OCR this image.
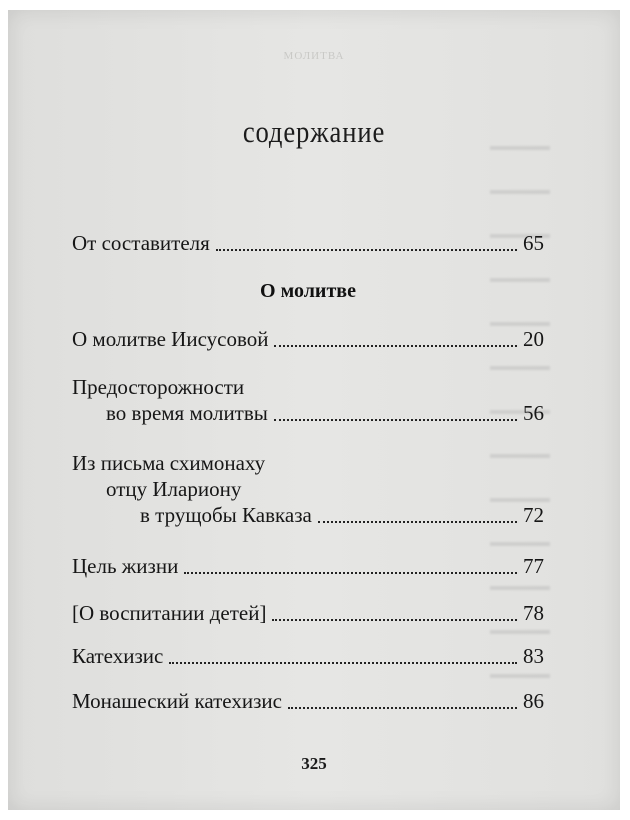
МОЛИТВА
содержание
От составителя	65
О молитве
О молитве Иисусовой	20
Предосторожности
во время молитвы	56
Из письма схимонаху
отцу Илариону
в трущобы Кавказа	72
Цель жизни	77
[О воспитании детей]	78
Катехизис	83
Монашеский катехизис	86
325
